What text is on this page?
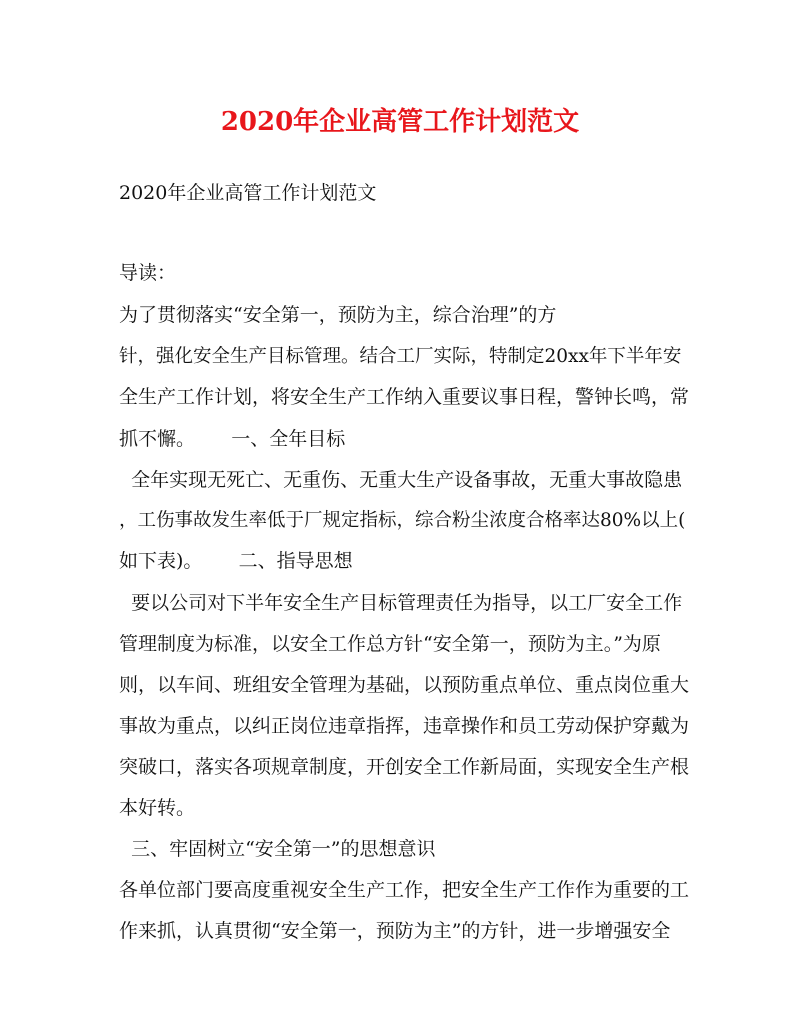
2020年企业高管工作计划范文
2020年企业高管工作计划范文
导读：
为了贯彻落实“安全第一，预防为主，综合治理”的方
针，强化安全生产目标管理。结合工厂实际，特制定20xx年下半年安
全生产工作计划，将安全生产工作纳入重要议事日程，警钟长鸣，常
抓不懈。      一、全年目标
全年实现无死亡、无重伤、无重大生产设备事故，无重大事故隐患
，工伤事故发生率低于厂规定指标，综合粉尘浓度合格率达80%以上(
如下表)。      二、指导思想
要以公司对下半年安全生产目标管理责任为指导，以工厂安全工作
管理制度为标准，以安全工作总方针“安全第一，预防为主。”为原
则，以车间、班组安全管理为基础，以预防重点单位、重点岗位重大
事故为重点，以纠正岗位违章指挥，违章操作和员工劳动保护穿戴为
突破口，落实各项规章制度，开创安全工作新局面，实现安全生产根
本好转。
三、牢固树立“安全第一”的思想意识
各单位部门要高度重视安全生产工作，把安全生产工作作为重要的工
作来抓，认真贯彻“安全第一，预防为主”的方针，进一步增强安全
